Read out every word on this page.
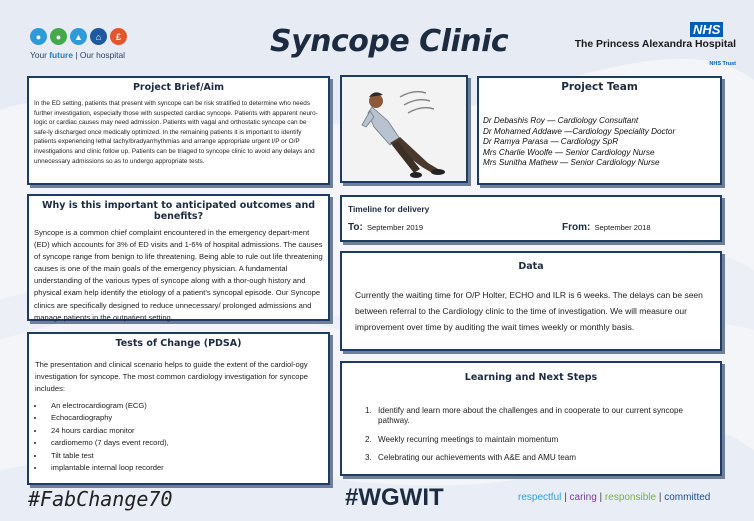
●	●	▲	⌂	£
Your future | Our hospital	Syncope Clinic	NHS
The Princess Alexandra Hospital
NHS Trust
Project Brief/Aim

In the ED setting, patients that present with syncope can be risk stratified to determine who needs further investigation, especially those with suspected cardiac syncope. Patients with apparent neuro-logic or cardiac causes may need admission. Patients with vagal and orthostatic syncope can be safe-ly discharged once medically optimized. In the remaining patients it is important to identify patients experiencing lethal tachy/bradyarrhythmias and arrange appropriate urgent I/P or O/P investigations and clinic follow up. Patients can be triaged to syncope clinic to avoid any delays and unnecessary admissions so as to undergo appropriate tests.

Project Team
Dr Debashis Roy — Cardiology Consultant
Dr Mohamed Addawe —Cardiology Speciality Doctor
Dr Ramya Parasa — Cardiology SpR
Mrs Charlie Woolfe — Senior Cardiology Nurse
Mrs Sunitha Mathew — Senior Cardiology Nurse
Why is this important to anticipated outcomes and benefits?

Syncope is a common chief complaint encountered in the emergency depart-ment (ED) which accounts for 3% of ED visits and 1-6% of hospital admissions. The causes of syncope range from benign to life threatening. Being able to rule out life threatening causes is one of the main goals of the emergency physician. A fundamental understanding of the various types of syncope along with a thor-ough history and physical exam help identify the etiology of a patient’s syncopal episode. Our Syncope clinics are specifically designed to reduce unnecessary/ prolonged admissions and manage patients in the outpatient setting.

Timeline for delivery
To: September 2019	From: September 2018
Data

Currently the waiting time for O/P Holter, ECHO and ILR is 6 weeks. The delays can be seen between referral to the Cardiology clinic to the time of investigation. We will measure our improvement over time by auditing the wait times weekly or monthly basis.

Tests of Change (PDSA)

The presentation and clinical scenario helps to guide the extent of the cardiol-ogy investigation for syncope. The most common cardiology investigation for syncope includes:

• An electrocardiogram (ECG)
• Echocardiography
• 24 hours cardiac monitor
• cardiomemo (7 days event record),
• Tilt table test
• implantable internal loop recorder
Learning and Next Steps
1. Identify and learn more about the challenges and in cooperate to our current syncope pathway.
2. Weekly recurring meetings to maintain momentum
3. Celebrating our achievements with A&E and AMU team
#FabChange70	#WGWIT	respectful | caring | responsible | committed
